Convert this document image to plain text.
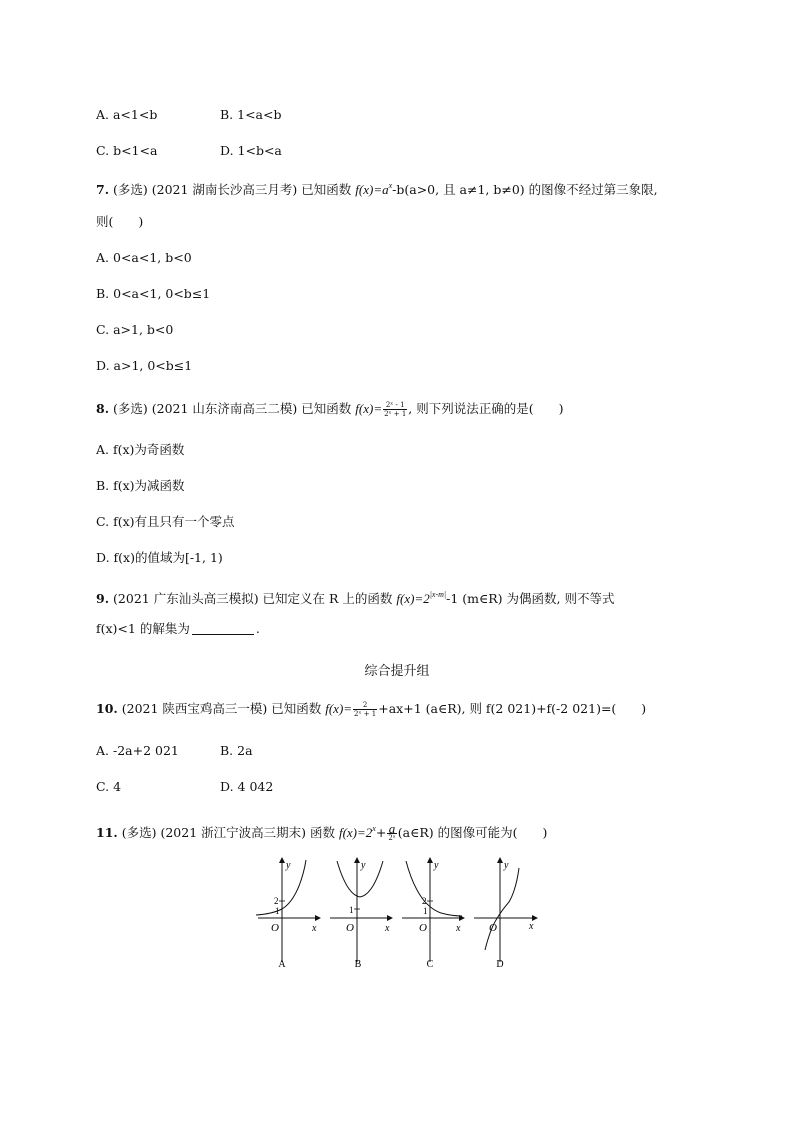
A. a<1<b	B. 1<a<b
C. b<1<a	D. 1<b<a
7. (多选) (2021 湖南长沙高三月考) 已知函数 $f(x)=a^x-b(a>0$, 且 a≠1, b≠0) 的图像不经过第三象限,
则(　　)
A. 0<a<1, b<0
B. 0<a<1, 0<b≤1
C. a>1, b<0
D. a>1, 0<b≤1
8. (多选) (2021 山东济南高三二模) 已知函数 $f(x)= \frac{\text{2ˣ - 1}}{\text{2ˣ + 1}}$ , 则下列说法正确的是(　　)
A. f(x)为奇函数
B. f(x)为减函数
C. f(x)有且只有一个零点
D. f(x)的值域为[-1, 1)
9. (2021 广东汕头高三模拟) 已知定义在 R 上的函数 $f(x)=2^{|x-m|}-1$ (m∈R) 为偶函数, 则不等式
f(x)<1 的解集为	.
综合提升组
10. (2021 陕西宝鸡高三一模) 已知函数 $f(x)= \frac{2}{\text{2ˣ + 1}} +ax+1$ (a∈R), 则 f(2 021)+f(-2 021)=(　　)
A. -2a+2 021	B. 2a
C. 4	D. 4 042
11. (多选) (2021 浙江宁波高三期末) 函数 $f(x)=2^x+ \frac{a}{\text{2ˣ}}$ (a∈R) 的图像可能为(　　)
y
2
1
O	x
A
y
1
O	x
B
y
2
1
O	x
C
y
O	x
D
